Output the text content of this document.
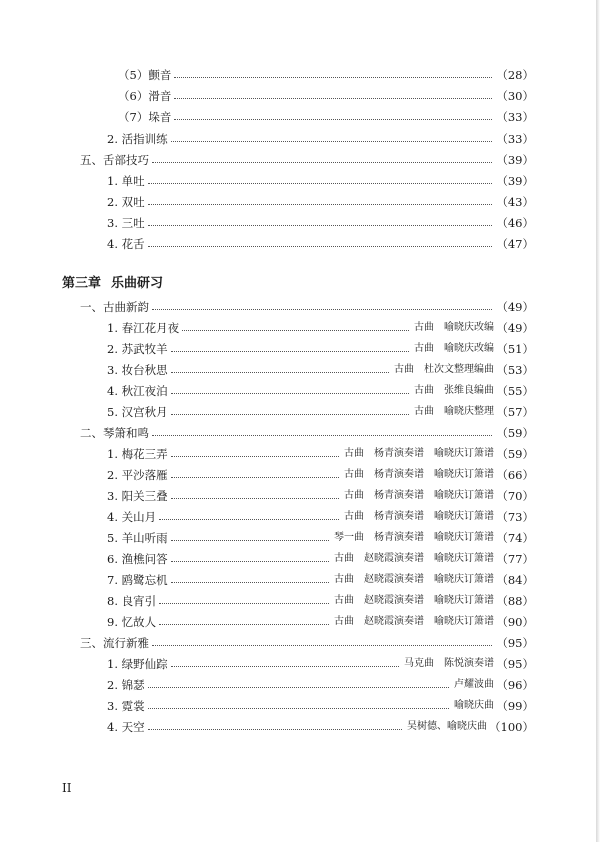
（5）颤音	（28）
（6）滑音	（30）
（7）垛音	（33）
2. 活指训练	（33）
五、舌部技巧	（39）
1. 单吐	（39）
2. 双吐	（43）
3. 三吐	（46）
4. 花舌	（47）
第三章 乐曲研习
一、古曲新韵	（49）
1. 春江花月夜	古曲　喻晓庆改编 （49）
2. 苏武牧羊	古曲　喻晓庆改编 （51）
3. 妆台秋思	古曲　杜次文整理编曲 （53）
4. 秋江夜泊	古曲　张维良编曲 （55）
5. 汉宫秋月	古曲　喻晓庆整理 （57）
二、琴箫和鸣	（59）
1. 梅花三弄	古曲　杨青演奏谱　喻晓庆订箫谱 （59）
2. 平沙落雁	古曲　杨青演奏谱　喻晓庆订箫谱 （66）
3. 阳关三叠	古曲　杨青演奏谱　喻晓庆订箫谱 （70）
4. 关山月	古曲　杨青演奏谱　喻晓庆订箫谱 （73）
5. 羊山听雨	琴一曲　杨青演奏谱　喻晓庆订箫谱 （74）
6. 渔樵问答	古曲　赵晓霞演奏谱　喻晓庆订箫谱 （77）
7. 鸥鹭忘机	古曲　赵晓霞演奏谱　喻晓庆订箫谱 （84）
8. 良宵引	古曲　赵晓霞演奏谱　喻晓庆订箫谱 （88）
9. 忆故人	古曲　赵晓霞演奏谱　喻晓庆订箫谱 （90）
三、流行新雅	（95）
1. 绿野仙踪	马克曲　陈悦演奏谱 （95）
2. 锦瑟	卢耀波曲 （96）
3. 霓裳	喻晓庆曲 （99）
4. 天空	吴树德、喻晓庆曲 （100）
II
